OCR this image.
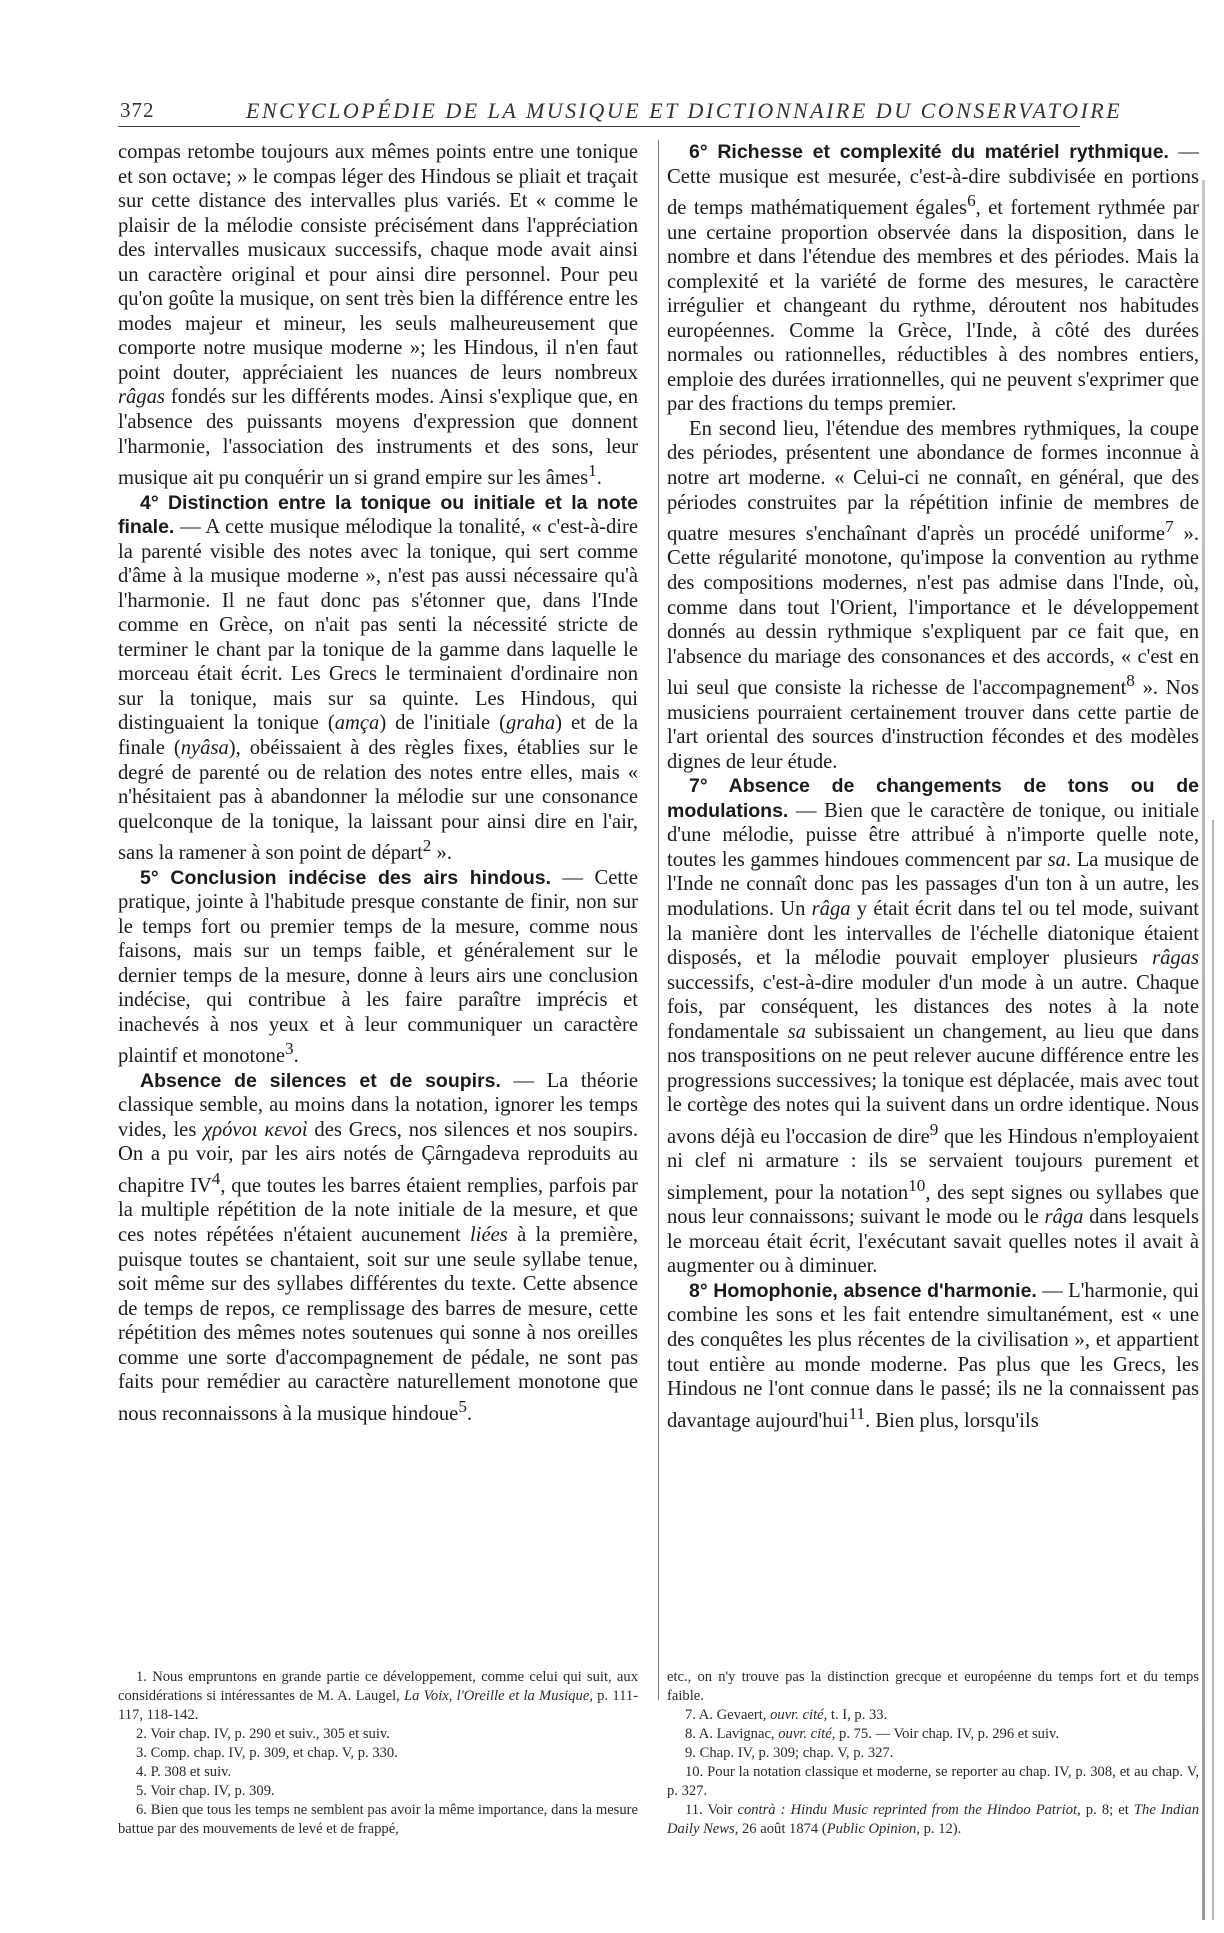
372	ENCYCLOPÉDIE DE LA MUSIQUE ET DICTIONNAIRE DU CONSERVATOIRE

compas retombe toujours aux mêmes points entre une tonique et son octave; » le compas léger des Hindous se pliait et traçait sur cette distance des intervalles plus variés. Et « comme le plaisir de la mélodie consiste précisément dans l'appréciation des intervalles musicaux successifs, chaque mode avait ainsi un caractère original et pour ainsi dire personnel. Pour peu qu'on goûte la musique, on sent très bien la différence entre les modes majeur et mineur, les seuls malheureusement que comporte notre musique moderne »; les Hindous, il n'en faut point douter, appréciaient les nuances de leurs nombreux râgas fondés sur les différents modes. Ainsi s'explique que, en l'absence des puissants moyens d'expression que donnent l'harmonie, l'association des instruments et des sons, leur musique ait pu conquérir un si grand empire sur les âmes$^1$.

4° Distinction entre la tonique ou initiale et la note finale. — A cette musique mélodique la tonalité, « c'est-à-dire la parenté visible des notes avec la tonique, qui sert comme d'âme à la musique moderne », n'est pas aussi nécessaire qu'à l'harmonie. Il ne faut donc pas s'étonner que, dans l'Inde comme en Grèce, on n'ait pas senti la nécessité stricte de terminer le chant par la tonique de la gamme dans laquelle le morceau était écrit. Les Grecs le terminaient d'ordinaire non sur la tonique, mais sur sa quinte. Les Hindous, qui distinguaient la tonique (amça) de l'initiale (graha) et de la finale (nyâsa), obéissaient à des règles fixes, établies sur le degré de parenté ou de relation des notes entre elles, mais « n'hésitaient pas à abandonner la mélodie sur une consonance quelconque de la tonique, la laissant pour ainsi dire en l'air, sans la ramener à son point de départ$^2$ ».

5° Conclusion indécise des airs hindous. — Cette pratique, jointe à l'habitude presque constante de finir, non sur le temps fort ou premier temps de la mesure, comme nous faisons, mais sur un temps faible, et généralement sur le dernier temps de la mesure, donne à leurs airs une conclusion indécise, qui contribue à les faire paraître imprécis et inachevés à nos yeux et à leur communiquer un caractère plaintif et monotone$^3$.

Absence de silences et de soupirs. — La théorie classique semble, au moins dans la notation, ignorer les temps vides, les χρόνοι κενοὶ des Grecs, nos silences et nos soupirs. On a pu voir, par les airs notés de Çârngadeva reproduits au chapitre $IV^4$, que toutes les barres étaient remplies, parfois par la multiple répétition de la note initiale de la mesure, et que ces notes répétées n'étaient aucunement liées à la première, puisque toutes se chantaient, soit sur une seule syllabe tenue, soit même sur des syllabes différentes du texte. Cette absence de temps de repos, ce remplissage des barres de mesure, cette répétition des mêmes notes soutenues qui sonne à nos oreilles comme une sorte d'accompagnement de pédale, ne sont pas faits pour remédier au caractère naturellement monotone que nous reconnaissons à la musique hindoue$^5$.

6° Richesse et complexité du matériel rythmique. — Cette musique est mesurée, c'est-à-dire subdivisée en portions de temps mathématiquement égales$^6$, et fortement rythmée par une certaine proportion observée dans la disposition, dans le nombre et dans l'étendue des membres et des périodes. Mais la complexité et la variété de forme des mesures, le caractère irrégulier et changeant du rythme, déroutent nos habitudes européennes. Comme la Grèce, l'Inde, à côté des durées normales ou rationnelles, réductibles à des nombres entiers, emploie des durées irrationnelles, qui ne peuvent s'exprimer que par des fractions du temps premier.

En second lieu, l'étendue des membres rythmiques, la coupe des périodes, présentent une abondance de formes inconnue à notre art moderne. « Celui-ci ne connaît, en général, que des périodes construites par la répétition infinie de membres de quatre mesures s'enchaînant d'après un procédé uniforme$^7$ ». Cette régularité monotone, qu'impose la convention au rythme des compositions modernes, n'est pas admise dans l'Inde, où, comme dans tout l'Orient, l'importance et le développement donnés au dessin rythmique s'expliquent par ce fait que, en l'absence du mariage des consonances et des accords, « c'est en lui seul que consiste la richesse de l'accompagnement$^8$ ». Nos musiciens pourraient certainement trouver dans cette partie de l'art oriental des sources d'instruction fécondes et des modèles dignes de leur étude.

7° Absence de changements de tons ou de modulations. — Bien que le caractère de tonique, ou initiale d'une mélodie, puisse être attribué à n'importe quelle note, toutes les gammes hindoues commencent par sa. La musique de l'Inde ne connaît donc pas les passages d'un ton à un autre, les modulations. Un râga y était écrit dans tel ou tel mode, suivant la manière dont les intervalles de l'échelle diatonique étaient disposés, et la mélodie pouvait employer plusieurs râgas successifs, c'est-à-dire moduler d'un mode à un autre. Chaque fois, par conséquent, les distances des notes à la note fondamentale sa subissaient un changement, au lieu que dans nos transpositions on ne peut relever aucune différence entre les progressions successives; la tonique est déplacée, mais avec tout le cortège des notes qui la suivent dans un ordre identique. Nous avons déjà eu l'occasion de dire$^9$ que les Hindous n'employaient ni clef ni armature : ils se servaient toujours purement et simplement, pour la notation$^{10}$, des sept signes ou syllabes que nous leur connaissons; suivant le mode ou le râga dans lesquels le morceau était écrit, l'exécutant savait quelles notes il avait à augmenter ou à diminuer.

8° Homophonie, absence d'harmonie. — L'harmonie, qui combine les sons et les fait entendre simultanément, est « une des conquêtes les plus récentes de la civilisation », et appartient tout entière au monde moderne. Pas plus que les Grecs, les Hindous ne l'ont connue dans le passé; ils ne la connaissent pas davantage aujourd'hui$^{11}$. Bien plus, lorsqu'ils

1. Nous empruntons en grande partie ce développement, comme celui qui suit, aux considérations si intéressantes de M. A. Laugel, La Voix, l'Oreille et la Musique, p. 111-117, 118-142.

2. Voir chap. IV, p. 290 et suiv., 305 et suiv.

3. Comp. chap. IV, p. 309, et chap. V, p. 330.

4. P. 308 et suiv.

5. Voir chap. IV, p. 309.

6. Bien que tous les temps ne semblent pas avoir la même importance, dans la mesure battue par des mouvements de levé et de frappé,

etc., on n'y trouve pas la distinction grecque et européenne du temps fort et du temps faible.

7. A. Gevaert, ouvr. cité, t. I, p. 33.

8. A. Lavignac, ouvr. cité, p. 75. — Voir chap. IV, p. 296 et suiv.

9. Chap. IV, p. 309; chap. V, p. 327.

10. Pour la notation classique et moderne, se reporter au chap. IV, p. 308, et au chap. V, p. 327.

11. Voir contrà : Hindu Music reprinted from the Hindoo Patriot, p. 8; et The Indian Daily News, 26 août 1874 (Public Opinion, p. 12).
